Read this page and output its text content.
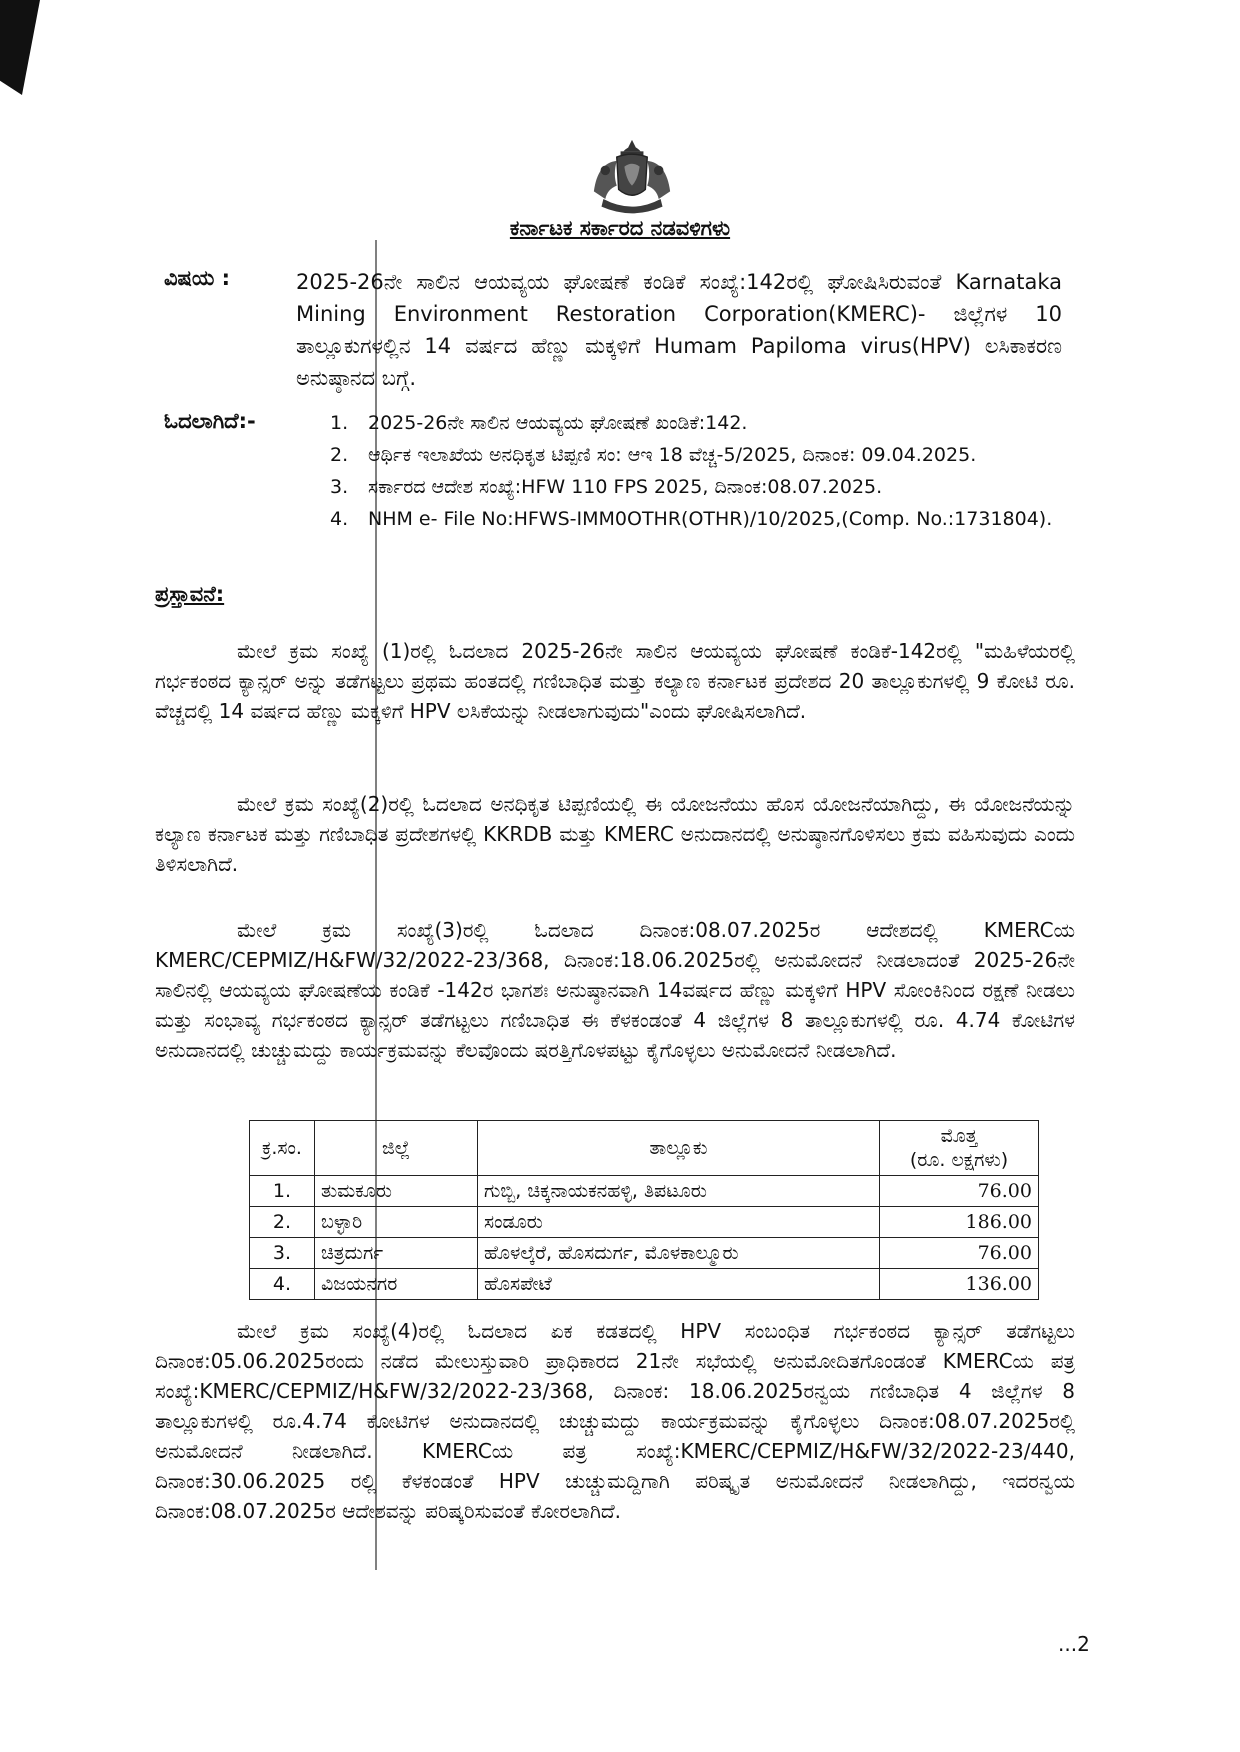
ಕರ್ನಾಟಕ ಸರ್ಕಾರದ ನಡವಳಿಗಳು
ವಿಷಯ :	2025-26ನೇ ಸಾಲಿನ ಆಯವ್ಯಯ ಘೋಷಣೆ ಕಂಡಿಕೆ ಸಂಖ್ಯೆ:142ರಲ್ಲಿ ಘೋಷಿಸಿರುವಂತೆ Karnataka Mining Environment Restoration Corporation(KMERC)- ಜಿಲ್ಲೆಗಳ 10 ತಾಲ್ಲೂಕುಗಳಲ್ಲಿನ 14 ವರ್ಷದ ಹೆಣ್ಣು ಮಕ್ಕಳಿಗೆ Humam Papiloma virus(HPV) ಲಸಿಕಾಕರಣ ಅನುಷ್ಠಾನದ ಬಗ್ಗೆ.
ಓದಲಾಗಿದೆ:-	1. 2025-26ನೇ ಸಾಲಿನ ಆಯವ್ಯಯ ಘೋಷಣೆ ಖಂಡಿಕೆ:142.
2. ಆರ್ಥಿಕ ಇಲಾಖೆಯ ಅನಧಿಕೃತ ಟಿಪ್ಪಣಿ ಸಂ: ಆಇ 18 ವೆಚ್ಚ-5/2025, ದಿನಾಂಕ: 09.04.2025.
3. ಸರ್ಕಾರದ ಆದೇಶ ಸಂಖ್ಯೆ:HFW 110 FPS 2025, ದಿನಾಂಕ:08.07.2025.
4. NHM e- File No:HFWS-IMM0OTHR(OTHR)/10/2025,(Comp. No.:1731804).
ಪ್ರಸ್ತಾವನೆ:

ಮೇಲೆ ಕ್ರಮ ಸಂಖ್ಯೆ (1)ರಲ್ಲಿ ಓದಲಾದ 2025-26ನೇ ಸಾಲಿನ ಆಯವ್ಯಯ ಘೋಷಣೆ ಕಂಡಿಕೆ-142ರಲ್ಲಿ "ಮಹಿಳೆಯರಲ್ಲಿ ಗರ್ಭಕಂಠದ ಕ್ಯಾನ್ಸರ್ ಅನ್ನು ತಡೆಗಟ್ಟಲು ಪ್ರಥಮ ಹಂತದಲ್ಲಿ ಗಣಿಬಾಧಿತ ಮತ್ತು ಕಲ್ಯಾಣ ಕರ್ನಾಟಕ ಪ್ರದೇಶದ 20 ತಾಲ್ಲೂಕುಗಳಲ್ಲಿ 9 ಕೋಟಿ ರೂ. ವೆಚ್ಚದಲ್ಲಿ 14 ವರ್ಷದ ಹೆಣ್ಣು ಮಕ್ಕಳಿಗೆ HPV ಲಸಿಕೆಯನ್ನು ನೀಡಲಾಗುವುದು"ಎಂದು ಘೋಷಿಸಲಾಗಿದೆ.

ಮೇಲೆ ಕ್ರಮ ಸಂಖ್ಯೆ(2)ರಲ್ಲಿ ಓದಲಾದ ಅನಧಿಕೃತ ಟಿಪ್ಪಣಿಯಲ್ಲಿ ಈ ಯೋಜನೆಯು ಹೊಸ ಯೋಜನೆಯಾಗಿದ್ದು, ಈ ಯೋಜನೆಯನ್ನು ಕಲ್ಯಾಣ ಕರ್ನಾಟಕ ಮತ್ತು ಗಣಿಬಾಧಿತ ಪ್ರದೇಶಗಳಲ್ಲಿ KKRDB ಮತ್ತು KMERC ಅನುದಾನದಲ್ಲಿ ಅನುಷ್ಠಾನಗೊಳಿಸಲು ಕ್ರಮ ವಹಿಸುವುದು ಎಂದು ತಿಳಿಸಲಾಗಿದೆ.

ಮೇಲೆ ಕ್ರಮ ಸಂಖ್ಯೆ(3)ರಲ್ಲಿ ಓದಲಾದ ದಿನಾಂಕ:08.07.2025ರ ಆದೇಶದಲ್ಲಿ KMERCಯ KMERC/CEPMIZ/H&FW/32/2022-23/368, ದಿನಾಂಕ:18.06.2025ರಲ್ಲಿ ಅನುಮೋದನೆ ನೀಡಲಾದಂತೆ 2025-26ನೇ ಸಾಲಿನಲ್ಲಿ ಆಯವ್ಯಯ ಘೋಷಣೆಯ ಕಂಡಿಕೆ -142ರ ಭಾಗಶಃ ಅನುಷ್ಠಾನವಾಗಿ 14ವರ್ಷದ ಹೆಣ್ಣು ಮಕ್ಕಳಿಗೆ HPV ಸೋಂಕಿನಿಂದ ರಕ್ಷಣೆ ನೀಡಲು ಮತ್ತು ಸಂಭಾವ್ಯ ಗರ್ಭಕಂಠದ ಕ್ಯಾನ್ಸರ್ ತಡೆಗಟ್ಟಲು ಗಣಿಬಾಧಿತ ಈ ಕೆಳಕಂಡಂತೆ 4 ಜಿಲ್ಲೆಗಳ 8 ತಾಲ್ಲೂಕುಗಳಲ್ಲಿ ರೂ. 4.74 ಕೋಟಿಗಳ ಅನುದಾನದಲ್ಲಿ ಚುಚ್ಚುಮದ್ದು ಕಾರ್ಯಕ್ರಮವನ್ನು ಕೆಲವೊಂದು ಷರತ್ತಿಗೊಳಪಟ್ಟು ಕೈಗೊಳ್ಳಲು ಅನುಮೋದನೆ ನೀಡಲಾಗಿದೆ.

ಕ್ರ.ಸಂ.	ಜಿಲ್ಲೆ	ತಾಲ್ಲೂಕು	ಮೊತ್ತ
(ರೂ. ಲಕ್ಷಗಳು)

1.	ತುಮಕೂರು	ಗುಬ್ಬಿ, ಚಿಕ್ಕನಾಯಕನಹಳ್ಳಿ, ತಿಪಟೂರು	76.00
2.	ಬಳ್ಳಾರಿ	ಸಂಡೂರು	186.00
3.	ಚಿತ್ರದುರ್ಗ	ಹೊಳಲ್ಕೆರೆ, ಹೊಸದುರ್ಗ, ಮೊಳಕಾಲ್ಮೂರು	76.00
4.	ವಿಜಯನಗರ	ಹೊಸಪೇಟೆ	136.00

ಮೇಲೆ ಕ್ರಮ ಸಂಖ್ಯೆ(4)ರಲ್ಲಿ ಓದಲಾದ ಏಕ ಕಡತದಲ್ಲಿ HPV ಸಂಬಂಧಿತ ಗರ್ಭಕಂಠದ ಕ್ಯಾನ್ಸರ್ ತಡೆಗಟ್ಟಲು ದಿನಾಂಕ:05.06.2025ರಂದು ನಡೆದ ಮೇಲುಸ್ತುವಾರಿ ಪ್ರಾಧಿಕಾರದ 21ನೇ ಸಭೆಯಲ್ಲಿ ಅನುಮೋದಿತಗೊಂಡಂತೆ KMERCಯ ಪತ್ರ ಸಂಖ್ಯೆ:KMERC/CEPMIZ/H&FW/32/2022-23/368, ದಿನಾಂಕ: 18.06.2025ರನ್ವಯ ಗಣಿಬಾಧಿತ 4 ಜಿಲ್ಲೆಗಳ 8 ತಾಲ್ಲೂಕುಗಳಲ್ಲಿ ರೂ.4.74 ಕೋಟಿಗಳ ಅನುದಾನದಲ್ಲಿ ಚುಚ್ಚುಮದ್ದು ಕಾರ್ಯಕ್ರಮವನ್ನು ಕೈಗೊಳ್ಳಲು ದಿನಾಂಕ:08.07.2025ರಲ್ಲಿ ಅನುಮೋದನೆ ನೀಡಲಾಗಿದೆ. KMERCಯ ಪತ್ರ ಸಂಖ್ಯೆ:KMERC/CEPMIZ/H&FW/32/2022-23/440, ದಿನಾಂಕ:30.06.2025 ರಲ್ಲಿ ಕೆಳಕಂಡಂತೆ HPV ಚುಚ್ಚುಮದ್ದಿಗಾಗಿ ಪರಿಷ್ಕೃತ ಅನುಮೋದನೆ ನೀಡಲಾಗಿದ್ದು, ಇದರನ್ವಯ ದಿನಾಂಕ:08.07.2025ರ ಆದೇಶವನ್ನು ಪರಿಷ್ಕರಿಸುವಂತೆ ಕೋರಲಾಗಿದೆ.

...2
